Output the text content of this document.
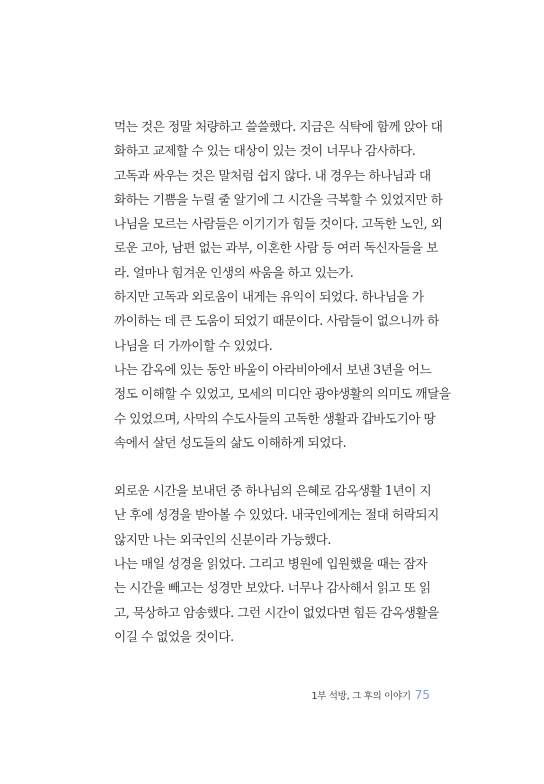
먹는 것은 정말 처량하고 쓸쓸했다. 지금은 식탁에 함께 앉아 대

화하고 교제할 수 있는 대상이 있는 것이 너무나 감사하다.

고독과 싸우는 것은 말처럼 쉽지 않다. 내 경우는 하나님과 대

화하는 기쁨을 누릴 줄 알기에 그 시간을 극복할 수 있었지만 하

나님을 모르는 사람들은 이기기가 힘들 것이다. 고독한 노인, 외

로운 고아, 남편 없는 과부, 이혼한 사람 등 여러 독신자들을 보

라. 얼마나 힘겨운 인생의 싸움을 하고 있는가.

하지만 고독과 외로움이 내게는 유익이 되었다. 하나님을 가

까이하는 데 큰 도움이 되었기 때문이다. 사람들이 없으니까 하

나님을 더 가까이할 수 있었다.

나는 감옥에 있는 동안 바울이 아라비아에서 보낸 3년을 어느

정도 이해할 수 있었고, 모세의 미디안 광야생활의 의미도 깨달을

수 있었으며, 사막의 수도사들의 고독한 생활과 갑바도기아 땅

속에서 살던 성도들의 삶도 이해하게 되었다.

외로운 시간을 보내던 중 하나님의 은혜로 감옥생활 1년이 지

난 후에 성경을 받아볼 수 있었다. 내국인에게는 절대 허락되지

않지만 나는 외국인의 신분이라 가능했다.

나는 매일 성경을 읽었다. 그리고 병원에 입원했을 때는 잠자

는 시간을 빼고는 성경만 보았다. 너무나 감사해서 읽고 또 읽

고, 묵상하고 암송했다. 그런 시간이 없었다면 힘든 감옥생활을

이길 수 없었을 것이다.

1부 석방, 그 후의 이야기 75
